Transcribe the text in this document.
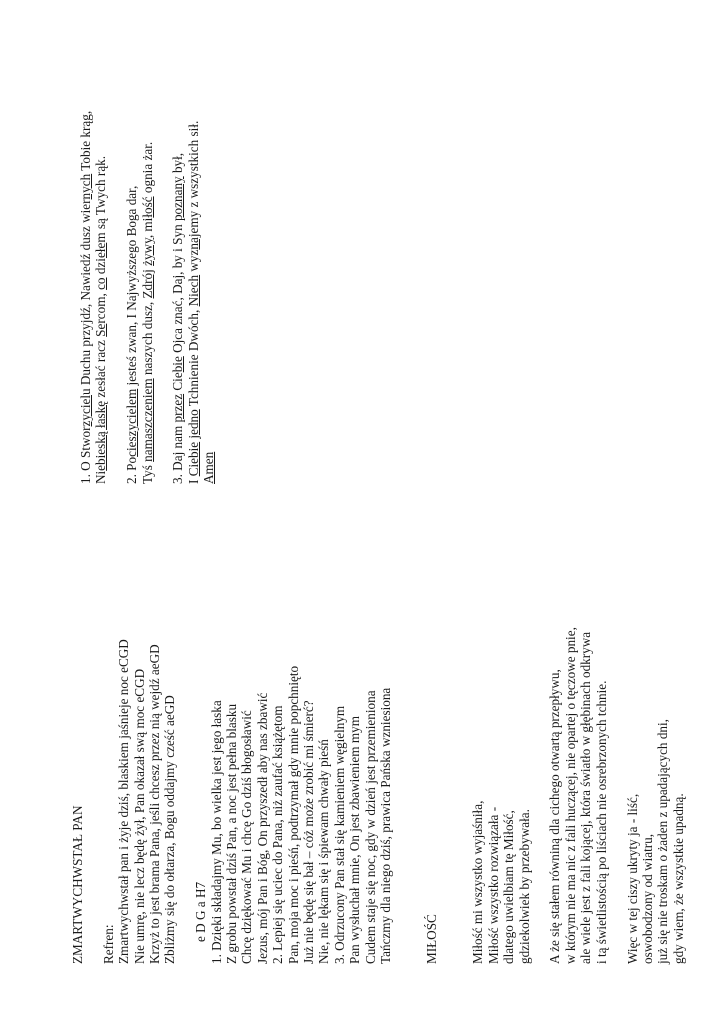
ZMARTWYCHWSTAŁ PAN Refren: Zmartwychwstał pan i żyje dziś, blaskiem jaśnieje noc eCGD Nie umrę, nie lecz będę żył, Pan okazał swą moc eCGD Krzyż to jest brama Pana, jeśli chcesz przez nią wejdź aeGD Zbliżmy się do ołtarza, Bogu oddajmy cześć aeGD e D G a H7 1. Dzięki składajmy Mu, bo wielka jest jego łaska Z grobu powstał dziś Pan, a noc jest pełna blasku Chcę dziękować Mu i chcę Go dziś błogosławić Jezus, mój Pan i Bóg, On przyszedł aby nas zbawić 2. Lepiej się uciec do Pana, niż zaufać książętom Pan, moja moc i pieśń, podtrzymał gdy mnie popchnięto Już nie będę się bał – cóż może zrobić mi śmierć? Nie, nie lękam się i śpiewam chwały pieśń 3. Odrzucony Pan stał się kamieniem węgielnym Pan wysłuchał mnie, On jest zbawieniem mym Cudem staje się noc, gdy w dzień jest przemieniona Tańczmy dla niego dziś, prawica Pańska wzniesiona MIŁOŚĆ Miłość mi wszystko wyjaśniła, Miłość wszystko rozwiązała - dlatego uwielbiam tę Miłość, gdziekolwiek by przebywała. A że się stałem równiną dla cichego otwartą przepływu, w którym nie ma nic z fali huczącej, nie opartej o tęczowe pnie, ale wiele jest z fali kojącej, która światło w głębinach odkrywa i tą świetlistością po liściach nie osrebrzonych tchnie. Więc w tej ciszy ukryty ja - liść, oswobodzony od wiatru, już się nie troskam o żaden z upadających dni, gdy wiem, że wszystkie upadną.
1. O Stworzycielu Duchu przyjdź, Nawiedź dusz wiernych Tobie krąg,
Niebieską łaskę zesłać racz Sercom, co dziełem są Twych rąk.
2. Pocieszycielem jesteś zwan, I Najwyższego Boga dar,
Tyś namaszczeniem naszych dusz, Zdrój żywy, miłość ognia żar.
3. Daj nam przez Ciebie Ojca znać, Daj, by i Syn poznany był,
I Ciebie jedno Tchnienie Dwóch, Niech wyznajemy z wszystkich sił.
Amen
